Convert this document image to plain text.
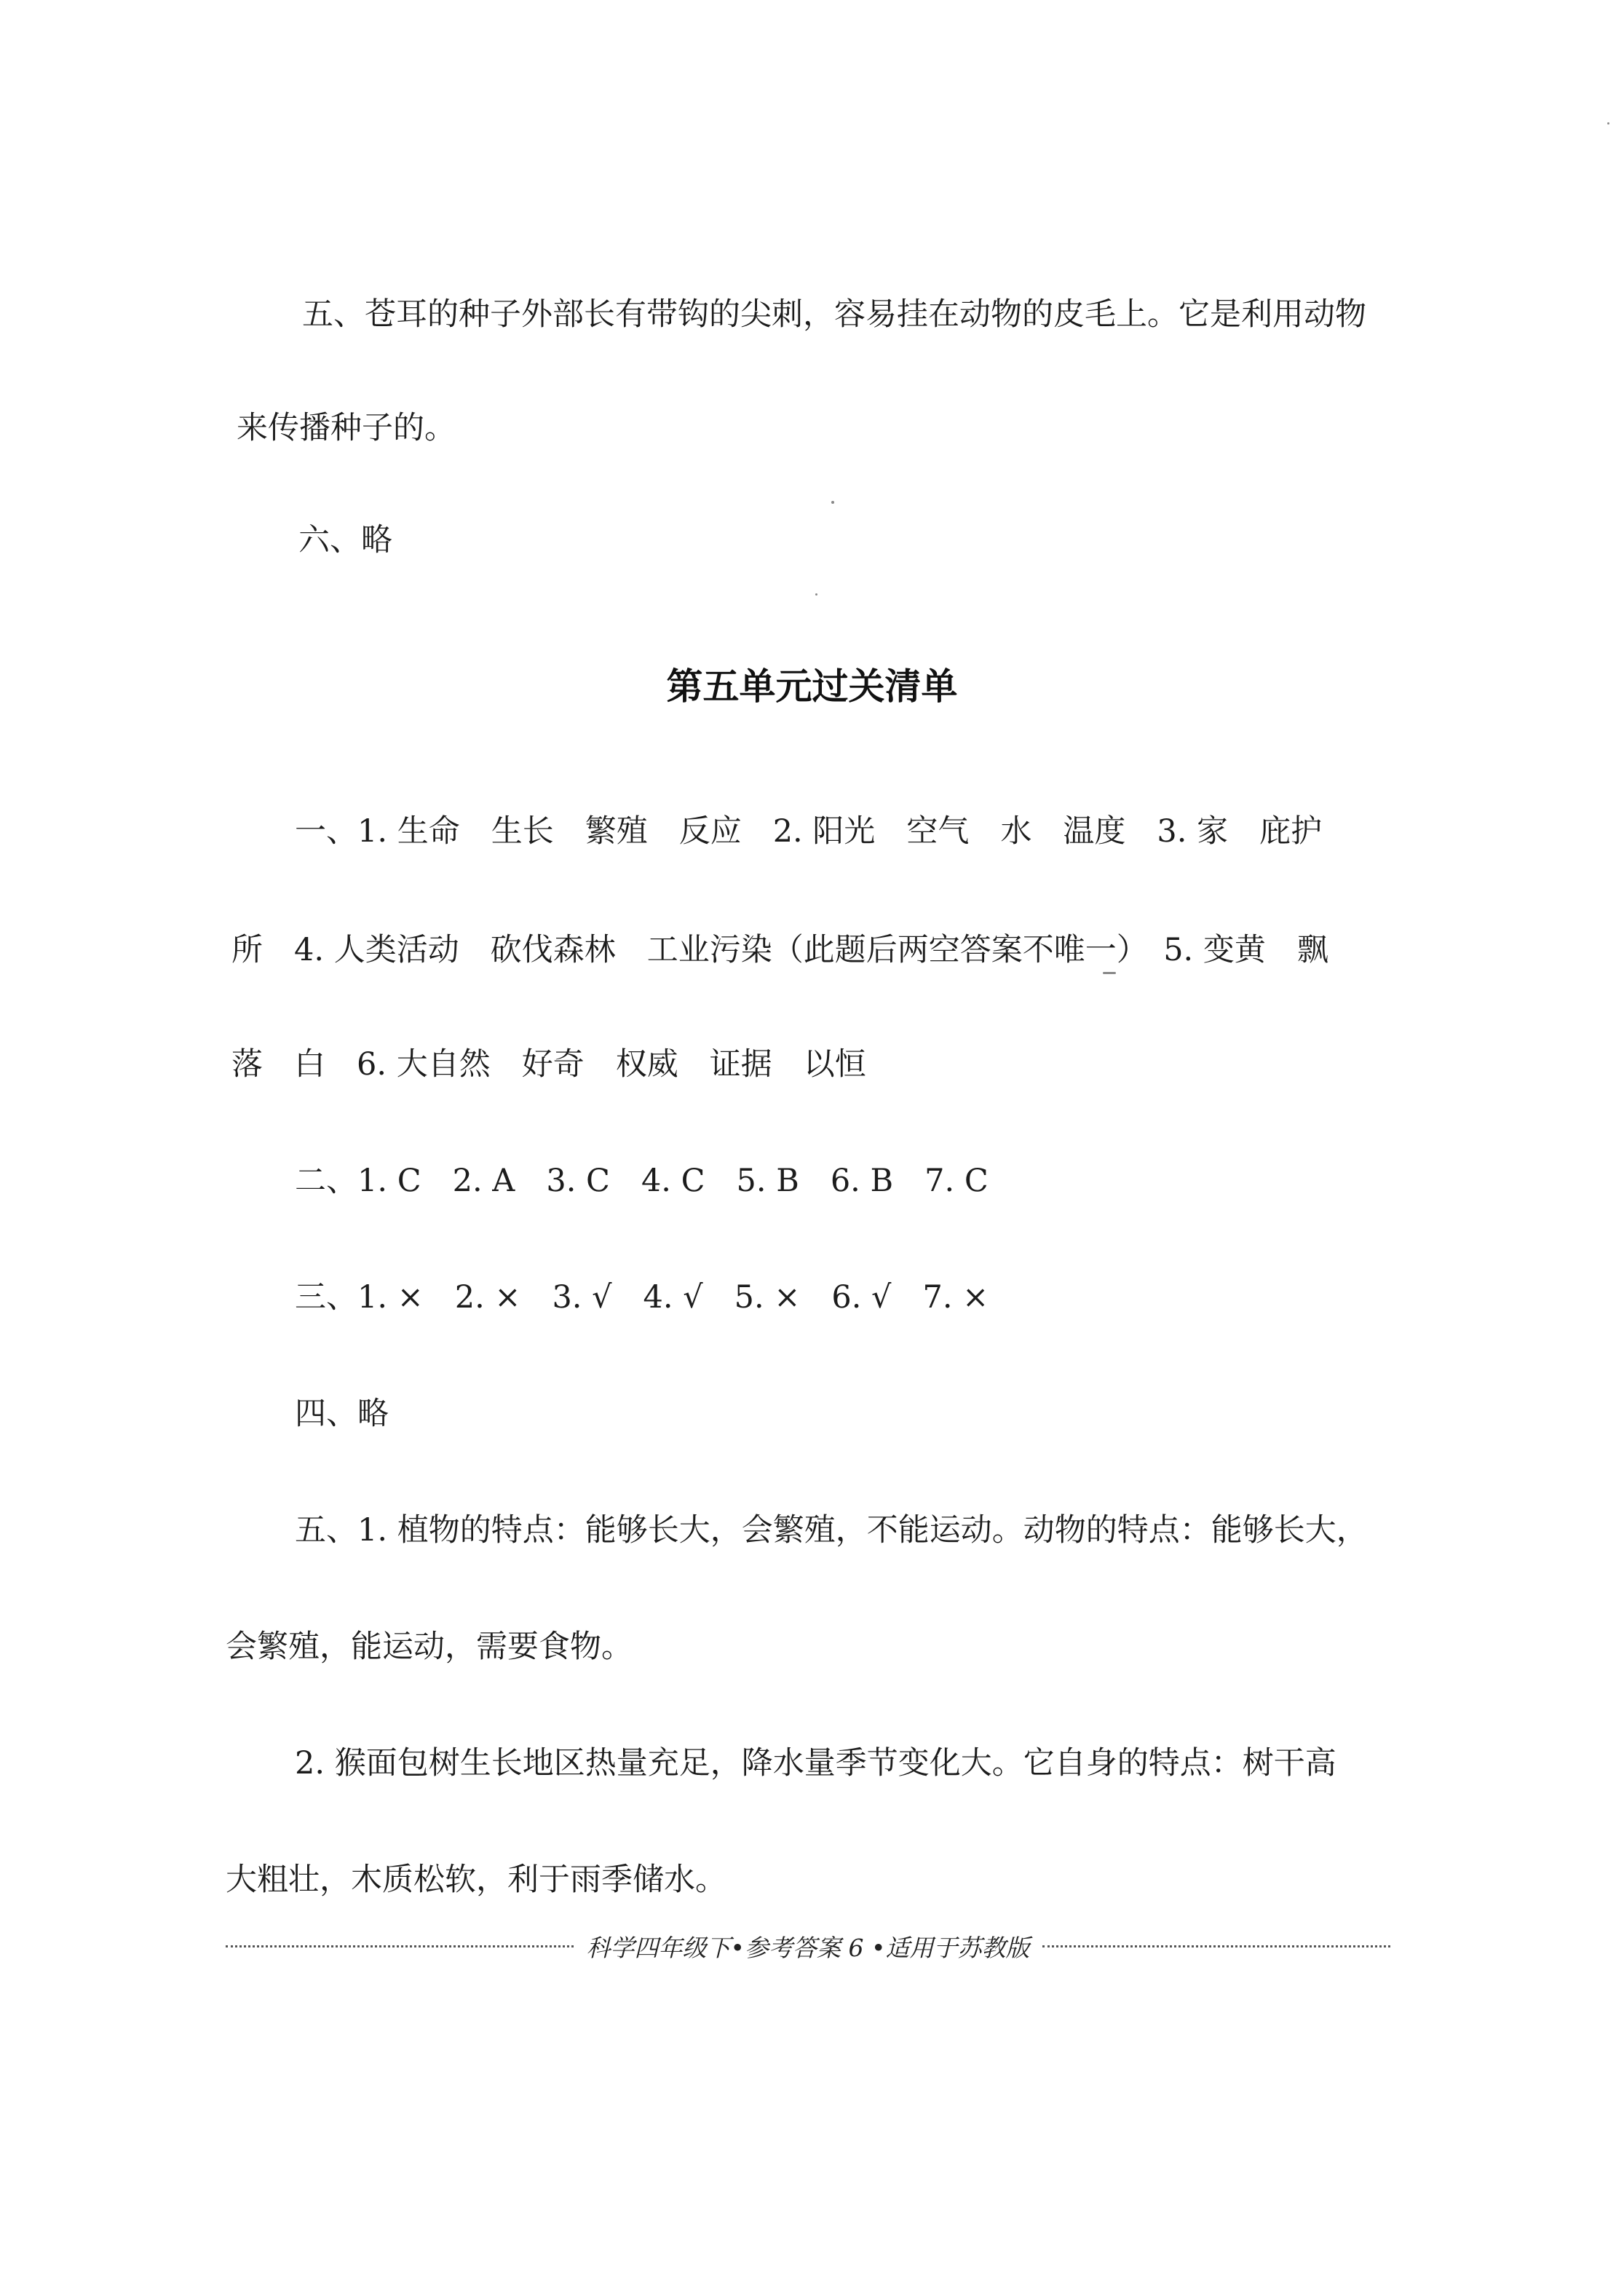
五、苍耳的种子外部长有带钩的尖刺，容易挂在动物的皮毛上。它是利用动物
来传播种子的。
六、略
第五单元过关清单
一、1. 生命　生长　繁殖　反应　2. 阳光　空气　水　温度　3. 家　庇护
所　4. 人类活动　砍伐森林　工业污染（此题后两空答案不唯一）　5. 变黄　飘
落　白　6. 大自然　好奇　权威　证据　以恒
二、1. C　2. A　3. C　4. C　5. B　6. B　7. C
三、1. ×　2. ×　3. √　4. √　5. ×　6. √　7. ×
四、略
五、1. 植物的特点：能够长大，会繁殖，不能运动。动物的特点：能够长大，
会繁殖，能运动，需要食物。
2. 猴面包树生长地区热量充足，降水量季节变化大。它自身的特点：树干高
大粗壮，木质松软，利于雨季储水。
科学四年级下•参考答案 6 •适用于苏教版
